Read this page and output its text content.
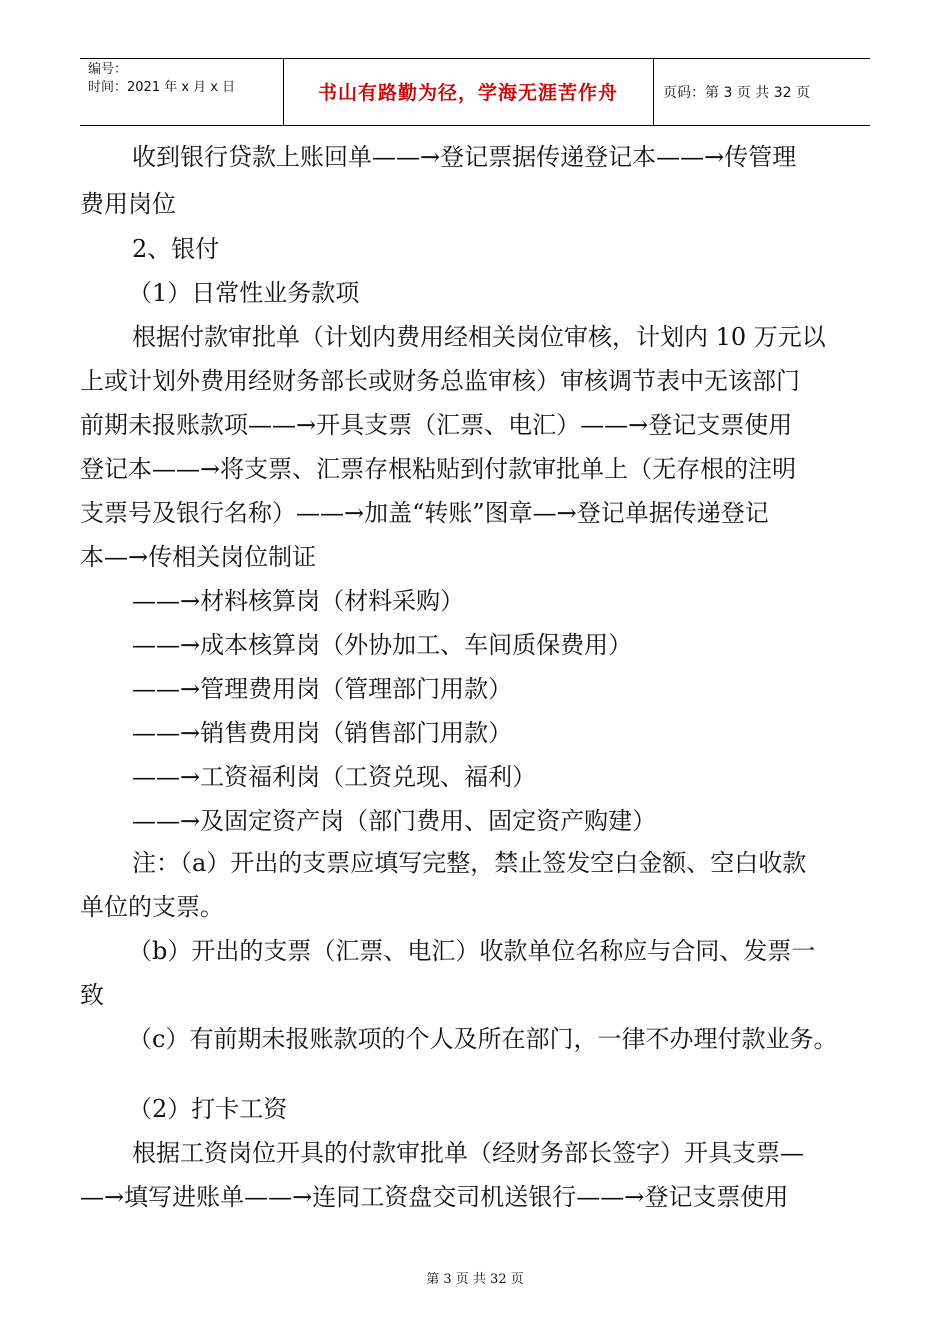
编号：
时间：2021 年 x 月 x 日	书山有路勤为径，学海无涯苦作舟	页码：第 3 页 共 32 页
收到银行贷款上账回单——→登记票据传递登记本——→传管理
费用岗位
2、银付
（1）日常性业务款项
根据付款审批单（计划内费用经相关岗位审核，计划内 10 万元以
上或计划外费用经财务部长或财务总监审核）审核调节表中无该部门
前期未报账款项——→开具支票（汇票、电汇）——→登记支票使用
登记本——→将支票、汇票存根粘贴到付款审批单上（无存根的注明
支票号及银行名称）——→加盖“转账”图章—→登记单据传递登记
本—→传相关岗位制证
——→材料核算岗（材料采购）
——→成本核算岗（外协加工、车间质保费用）
——→管理费用岗（管理部门用款）
——→销售费用岗（销售部门用款）
——→工资福利岗（工资兑现、福利）
——→及固定资产岗（部门费用、固定资产购建）
注：（a）开出的支票应填写完整，禁止签发空白金额、空白收款
单位的支票。
（b）开出的支票（汇票、电汇）收款单位名称应与合同、发票一
致
（c）有前期未报账款项的个人及所在部门，一律不办理付款业务。
（2）打卡工资
根据工资岗位开具的付款审批单（经财务部长签字）开具支票—
—→填写进账单——→连同工资盘交司机送银行——→登记支票使用
第 3 页 共 32 页
